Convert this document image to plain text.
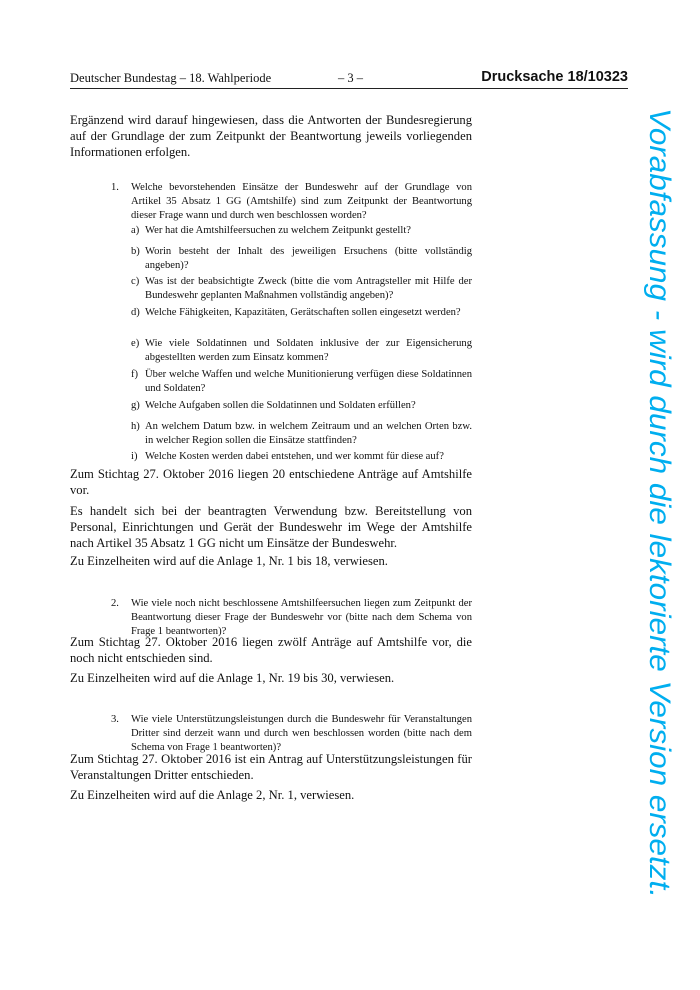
Deutscher Bundestag – 18. Wahlperiode	– 3 –	Drucksache 18/10323

Ergänzend wird darauf hingewiesen, dass die Antworten der Bundesregierung auf der Grundlage der zum Zeitpunkt der Beantwortung jeweils vorliegenden Informationen erfolgen.

1. Welche bevorstehenden Einsätze der Bundeswehr auf der Grundlage von Artikel 35 Absatz 1 GG (Amtshilfe) sind zum Zeitpunkt der Beantwortung dieser Frage wann und durch wen beschlossen worden?

a) Wer hat die Amtshilfeersuchen zu welchem Zeitpunkt gestellt?
b) Worin besteht der Inhalt des jeweiligen Ersuchens (bitte vollständig angeben)?
c) Was ist der beabsichtigte Zweck (bitte die vom Antragsteller mit Hilfe der Bundeswehr geplanten Maßnahmen vollständig angeben)?
d) Welche Fähigkeiten, Kapazitäten, Gerätschaften sollen eingesetzt werden?
e) Wie viele Soldatinnen und Soldaten inklusive der zur Eigensicherung abgestellten werden zum Einsatz kommen?
f) Über welche Waffen und welche Munitionierung verfügen diese Soldatinnen und Soldaten?
g) Welche Aufgaben sollen die Soldatinnen und Soldaten erfüllen?
h) An welchem Datum bzw. in welchem Zeitraum und an welchen Orten bzw. in welcher Region sollen die Einsätze stattfinden?
i) Welche Kosten werden dabei entstehen, und wer kommt für diese auf?

Zum Stichtag 27. Oktober 2016 liegen 20 entschiedene Anträge auf Amtshilfe vor.

Es handelt sich bei der beantragten Verwendung bzw. Bereitstellung von Personal, Einrichtungen und Gerät der Bundeswehr im Wege der Amtshilfe nach Artikel 35 Absatz 1 GG nicht um Einsätze der Bundeswehr.

Zu Einzelheiten wird auf die Anlage 1, Nr. 1 bis 18, verwiesen.

2. Wie viele noch nicht beschlossene Amtshilfeersuchen liegen zum Zeitpunkt der Beantwortung dieser Frage der Bundeswehr vor (bitte nach dem Schema von Frage 1 beantworten)?

Zum Stichtag 27. Oktober 2016 liegen zwölf Anträge auf Amtshilfe vor, die noch nicht entschieden sind.

Zu Einzelheiten wird auf die Anlage 1, Nr. 19 bis 30, verwiesen.

3. Wie viele Unterstützungsleistungen durch die Bundeswehr für Veranstaltungen Dritter sind derzeit wann und durch wen beschlossen worden (bitte nach dem Schema von Frage 1 beantworten)?

Zum Stichtag 27. Oktober 2016 ist ein Antrag auf Unterstützungsleistungen für Veranstaltungen Dritter entschieden.

Zu Einzelheiten wird auf die Anlage 2, Nr. 1, verwiesen.	Vorabfassung - wird durch die lektorierte Version ersetzt.
